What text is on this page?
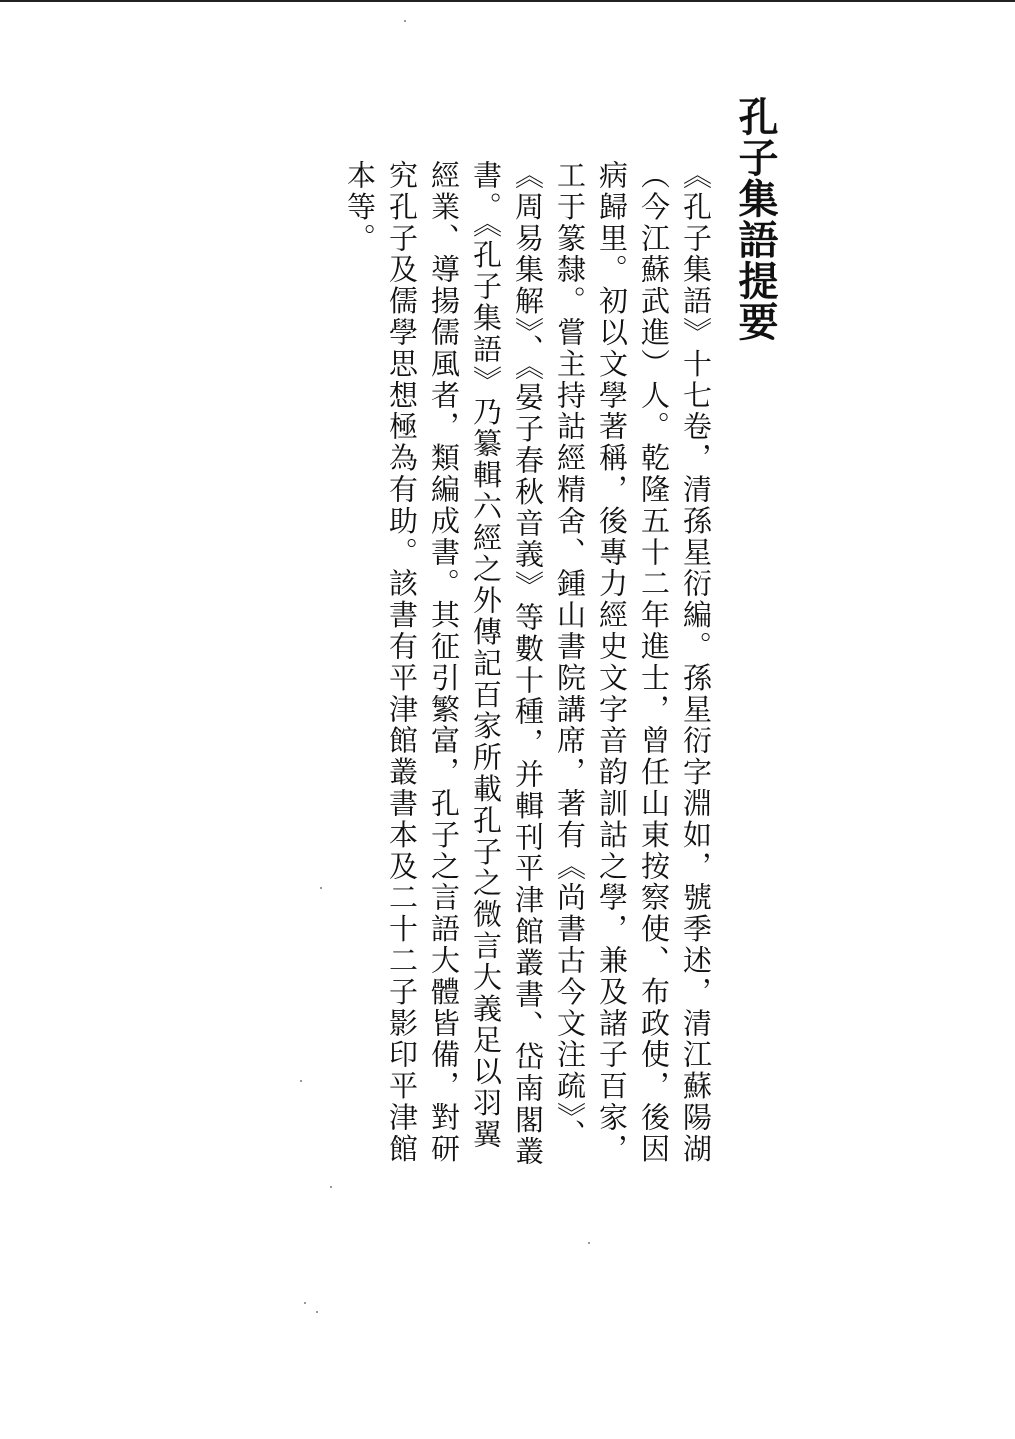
孔子集語提要

《孔子集語》十七卷，清孫星衍編。孫星衍字淵如，號季述，清江蘇陽湖（今江蘇武進）人。乾隆五十二年進士，曾任山東按察使、布政使，後因病歸里。初以文學著稱，後專力經史文字音韵訓詁之學，兼及諸子百家，工于篆隸。嘗主持詁經精舍、鍾山書院講席，著有《尚書古今文注疏》、《周易集解》、《晏子春秋音義》等數十種，并輯刊平津館叢書、岱南閣叢書。《孔子集語》乃纂輯六經之外傳記百家所載孔子之微言大義足以羽翼經業、導揚儒風者，類編成書。其征引繁富，孔子之言語大體皆備，對研究孔子及儒學思想極為有助。該書有平津館叢書本及二十二子影印平津館本等。
